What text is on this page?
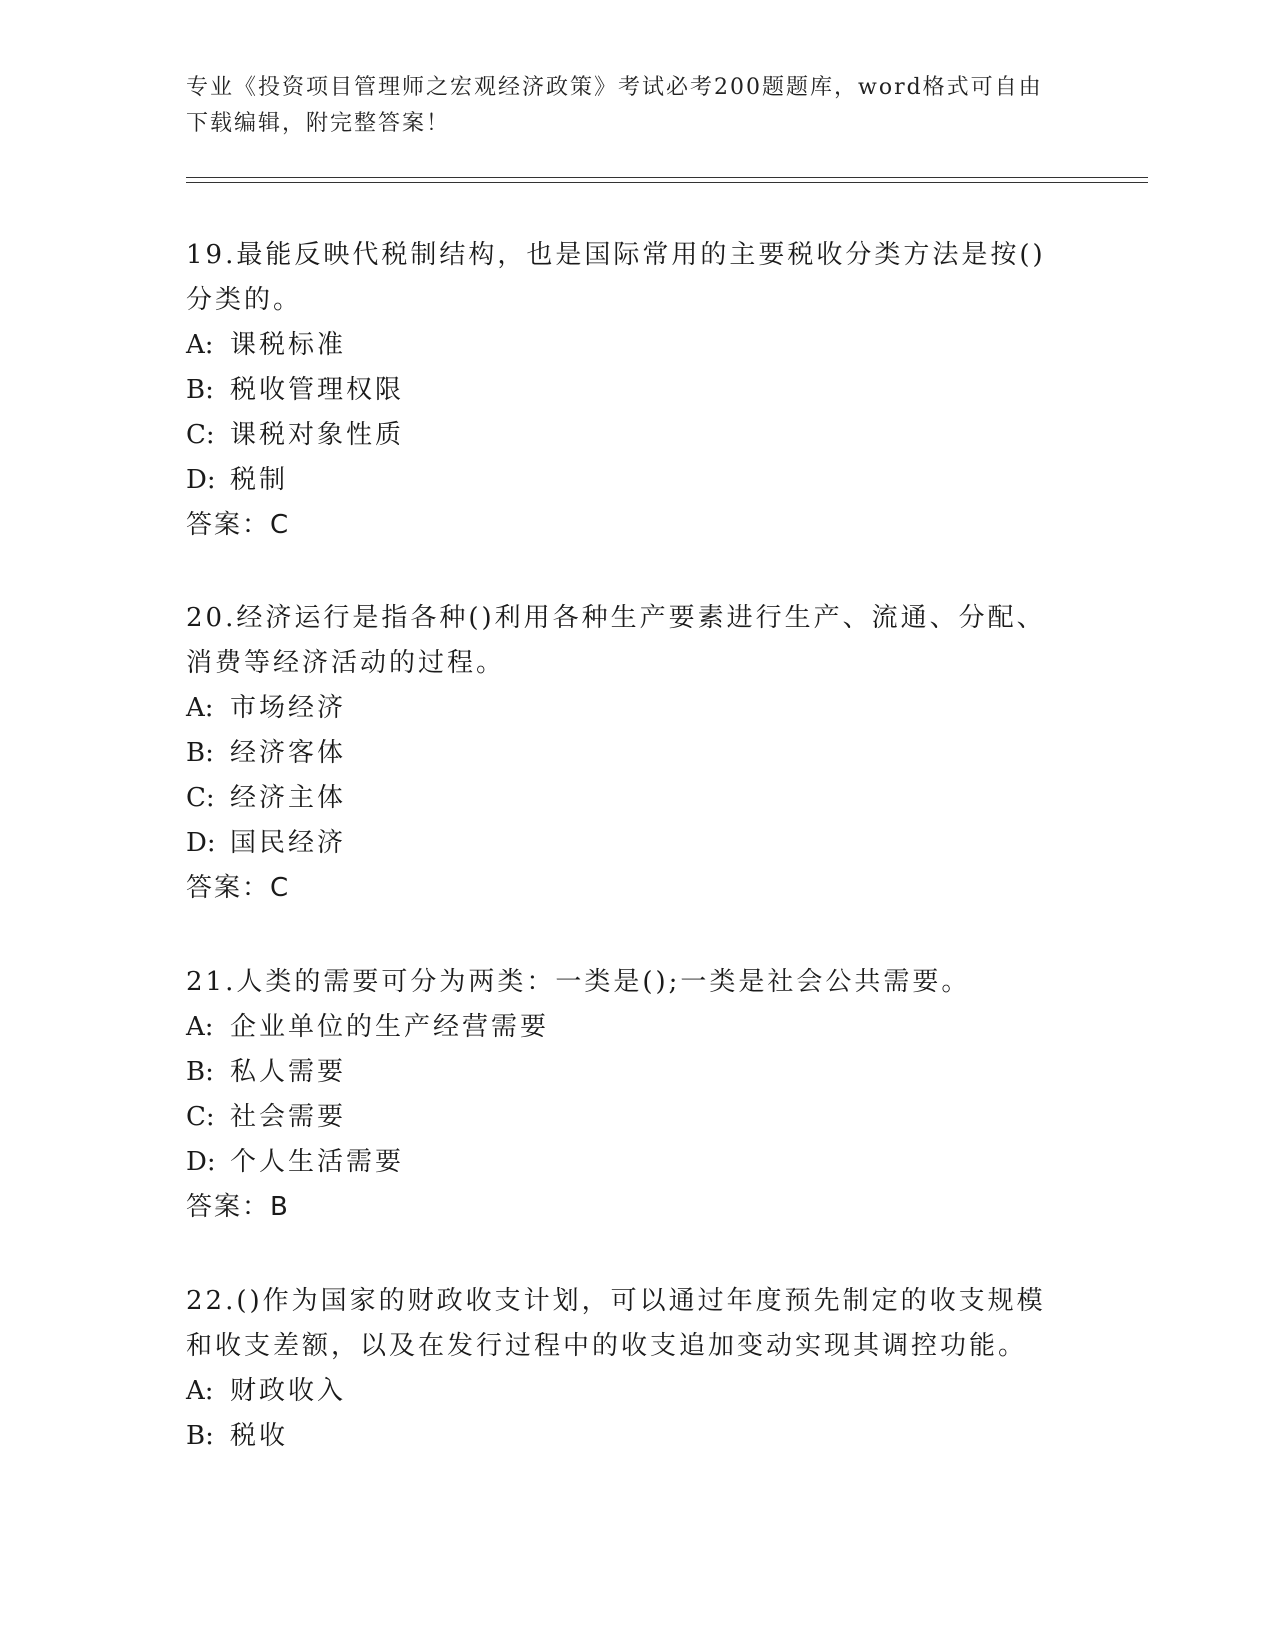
专业《投资项目管理师之宏观经济政策》考试必考200题题库，word格式可自由下载编辑，附完整答案！

19.最能反映代税制结构，也是国际常用的主要税收分类方法是按()分类的。

A: 课税标准

B: 税收管理权限

C: 课税对象性质

D: 税制

答案：C

20.经济运行是指各种()利用各种生产要素进行生产、流通、分配、消费等经济活动的过程。

A: 市场经济

B: 经济客体

C: 经济主体

D: 国民经济

答案：C

21.人类的需要可分为两类：一类是();一类是社会公共需要。

A: 企业单位的生产经营需要

B: 私人需要

C: 社会需要

D: 个人生活需要

答案：B

22.()作为国家的财政收支计划，可以通过年度预先制定的收支规模和收支差额，以及在发行过程中的收支追加变动实现其调控功能。

A: 财政收入

B: 税收
